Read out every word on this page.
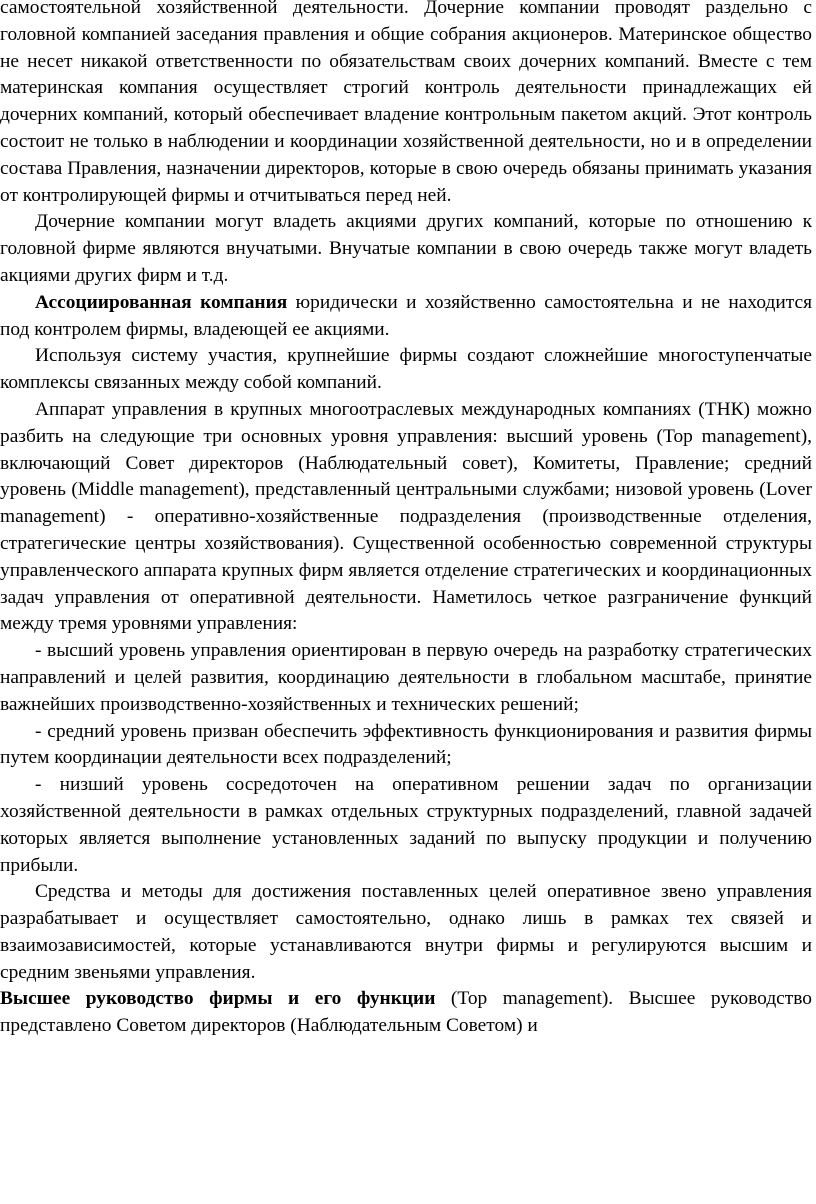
самостоятельной хозяйственной деятельности. Дочерние компании проводят раздельно с головной компанией заседания правления и общие собрания акционеров. Материнское общество не несет никакой ответственности по обязательствам своих дочерних компаний. Вместе с тем материнская компания осуществляет строгий контроль деятельности принадлежащих ей дочерних компаний, который обеспечивает владение контрольным пакетом акций. Этот контроль состоит не только в наблюдении и координации хозяйственной деятельности, но и в определении состава Правления, назначении директоров, которые в свою очередь обязаны принимать указания от контролирующей фирмы и отчитываться перед ней.

Дочерние компании могут владеть акциями других компаний, которые по отношению к головной фирме являются внучатыми. Внучатые компании в свою очередь также могут владеть акциями других фирм и т.д.

Ассоциированная компания юридически и хозяйственно самостоятельна и не находится под контролем фирмы, владеющей ее акциями.

Используя систему участия, крупнейшие фирмы создают сложнейшие многоступенчатые комплексы связанных между собой компаний.

Аппарат управления в крупных многоотраслевых международных компаниях (ТНК) можно разбить на следующие три основных уровня управления: высший уровень (Top management), включающий Совет директоров (Наблюдательный совет), Комитеты, Правление; средний уровень (Middle management), представленный центральными службами; низовой уровень (Lover management) - оперативно-хозяйственные подразделения (производственные отделения, стратегические центры хозяйствования). Существенной особенностью современной структуры управленческого аппарата крупных фирм является отделение стратегических и координационных задач управления от оперативной деятельности. Наметилось четкое разграничение функций между тремя уровнями управления:

- высший уровень управления ориентирован в первую очередь на разработку стратегических направлений и целей развития, координацию деятельности в глобальном масштабе, принятие важнейших производственно-хозяйственных и технических решений;

- средний уровень призван обеспечить эффективность функционирования и развития фирмы путем координации деятельности всех подразделений;

- низший уровень сосредоточен на оперативном решении задач по организации хозяйственной деятельности в рамках отдельных структурных подразделений, главной задачей которых является выполнение установленных заданий по выпуску продукции и получению прибыли.

Средства и методы для достижения поставленных целей оперативное звено управления разрабатывает и осуществляет самостоятельно, однако лишь в рамках тех связей и взаимозависимостей, которые устанавливаются внутри фирмы и регулируются высшим и средним звеньями управления.

Высшее руководство фирмы и его функции (Top management). Высшее руководство представлено Советом директоров (Наблюдательным Советом) и
